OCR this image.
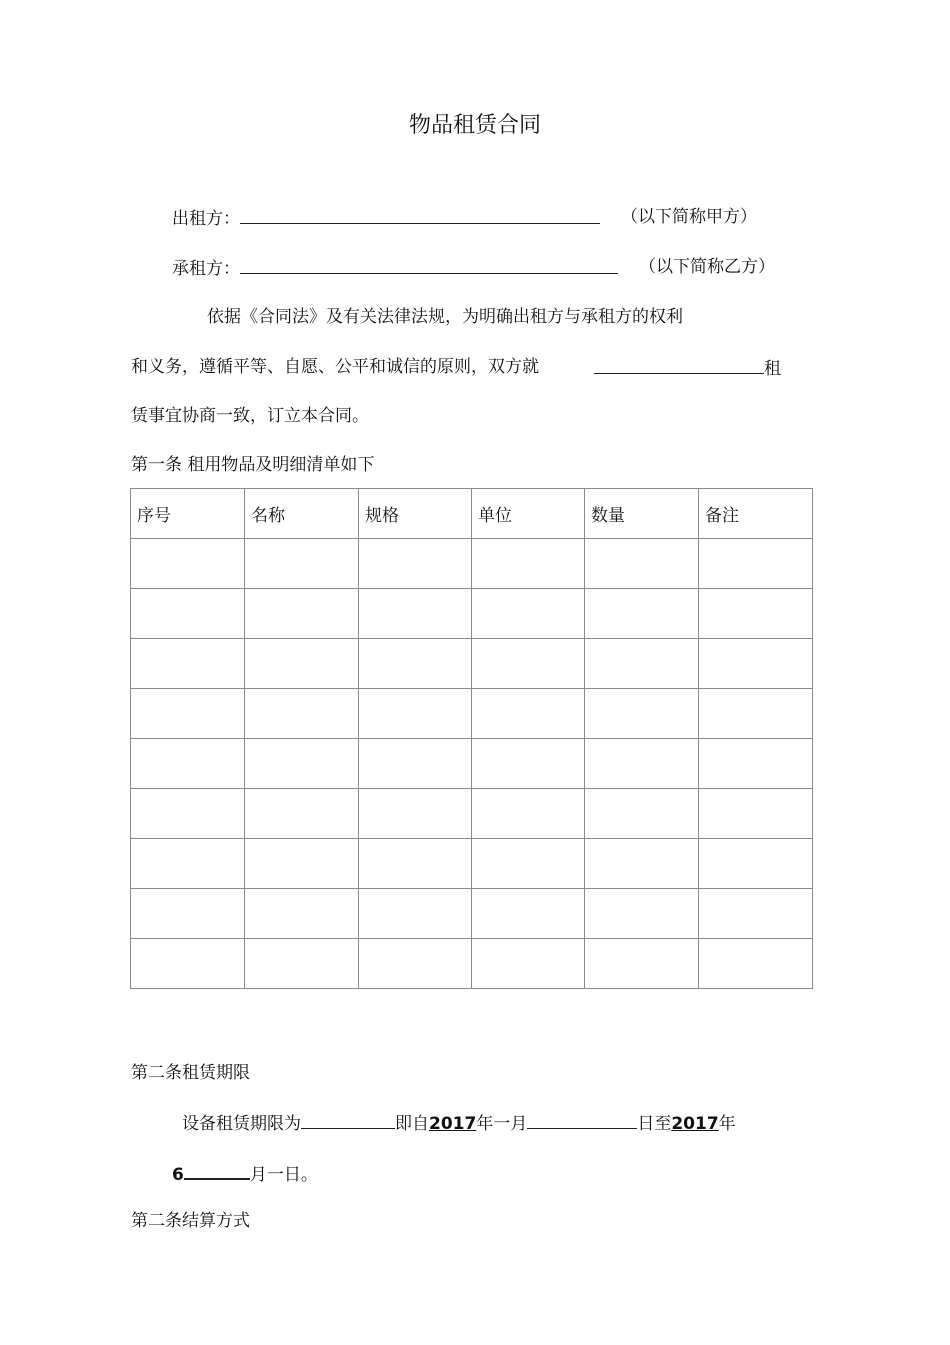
物品租赁合同
出租方：	（以下简称甲方）
承租方：	（以下简称乙方）
依据《合同法》及有关法律法规，为明确出租方与承租方的权利
和义务，遵循平等、自愿、公平和诚信的原则，双方就	租
赁事宜协商一致，订立本合同。
第一条 租用物品及明细清单如下
序号	名称	规格	单位	数量	备注

第二条租赁期限
设备租赁期限为	即自2017年一月	日至2017年
6	月一日。
第二条结算方式
